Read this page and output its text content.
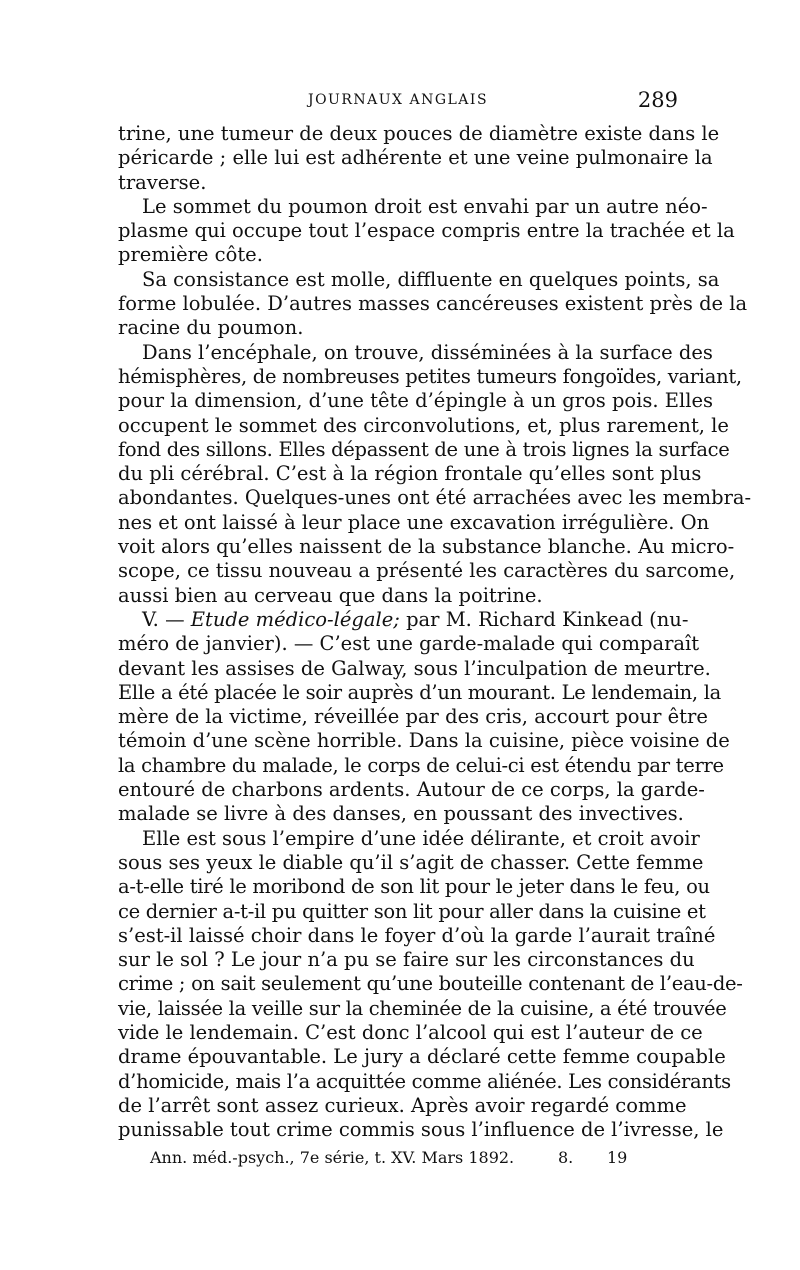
JOURNAUX ANGLAIS	289
trine, une tumeur de deux pouces de diamètre existe dans le
péricarde ; elle lui est adhérente et une veine pulmonaire la
traverse.
Le sommet du poumon droit est envahi par un autre néo-
plasme qui occupe tout l’espace compris entre la trachée et la
première côte.
Sa consistance est molle, diffluente en quelques points, sa
forme lobulée. D’autres masses cancéreuses existent près de la
racine du poumon.
Dans l’encéphale, on trouve, disséminées à la surface des
hémisphères, de nombreuses petites tumeurs fongoïdes, variant,
pour la dimension, d’une tête d’épingle à un gros pois. Elles
occupent le sommet des circonvolutions, et, plus rarement, le
fond des sillons. Elles dépassent de une à trois lignes la surface
du pli cérébral. C’est à la région frontale qu’elles sont plus
abondantes. Quelques-unes ont été arrachées avec les membra-
nes et ont laissé à leur place une excavation irrégulière. On
voit alors qu’elles naissent de la substance blanche. Au micro-
scope, ce tissu nouveau a présenté les caractères du sarcome,
aussi bien au cerveau que dans la poitrine.
V. — Etude médico-légale; par M. Richard Kinkead (nu-
méro de janvier). — C’est une garde-malade qui comparaît
devant les assises de Galway, sous l’inculpation de meurtre.
Elle a été placée le soir auprès d’un mourant. Le lendemain, la
mère de la victime, réveillée par des cris, accourt pour être
témoin d’une scène horrible. Dans la cuisine, pièce voisine de
la chambre du malade, le corps de celui-ci est étendu par terre
entouré de charbons ardents. Autour de ce corps, la garde-
malade se livre à des danses, en poussant des invectives.
Elle est sous l’empire d’une idée délirante, et croit avoir
sous ses yeux le diable qu’il s’agit de chasser. Cette femme
a-t-elle tiré le moribond de son lit pour le jeter dans le feu, ou
ce dernier a-t-il pu quitter son lit pour aller dans la cuisine et
s’est-il laissé choir dans le foyer d’où la garde l’aurait traîné
sur le sol ? Le jour n’a pu se faire sur les circonstances du
crime ; on sait seulement qu’une bouteille contenant de l’eau-de-
vie, laissée la veille sur la cheminée de la cuisine, a été trouvée
vide le lendemain. C’est donc l’alcool qui est l’auteur de ce
drame épouvantable. Le jury a déclaré cette femme coupable
d’homicide, mais l’a acquittée comme aliénée. Les considérants
de l’arrêt sont assez curieux. Après avoir regardé comme
punissable tout crime commis sous l’influence de l’ivresse, le
Ann. méd.-psych., 7e série, t. XV. Mars 1892.	8. 19
